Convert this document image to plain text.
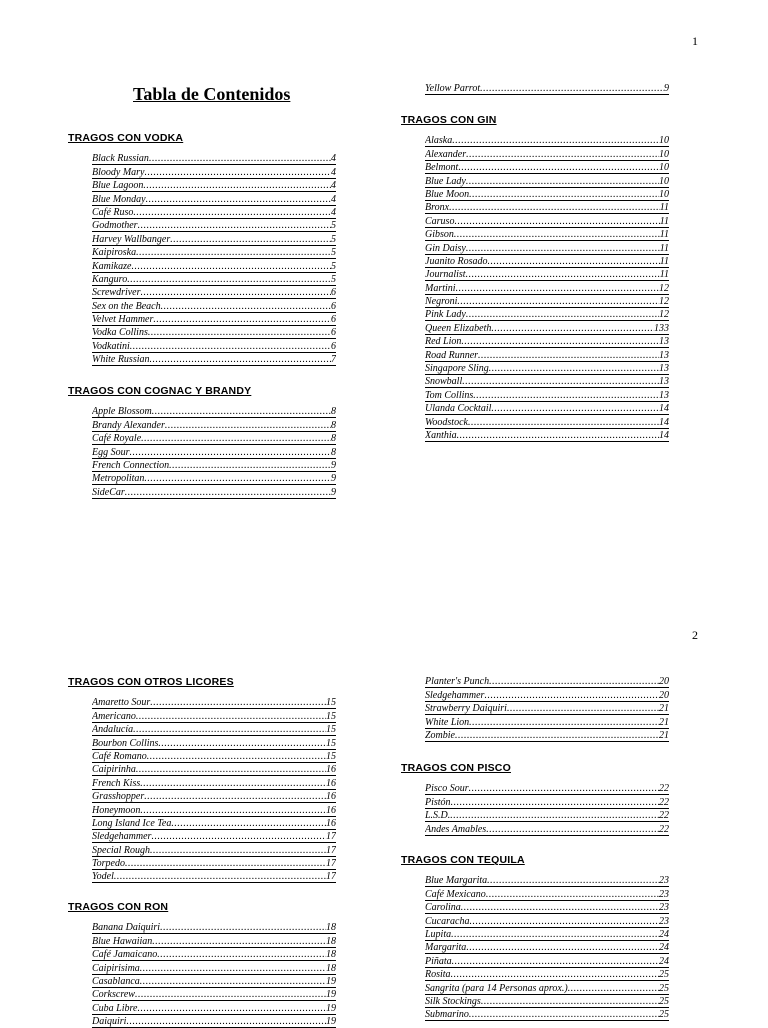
1
2
Tabla de Contenidos
TRAGOS CON VODKA
Black Russian .....	4
Bloody Mary .....	4
Blue Lagoon .....	4
Blue Monday .....	4
Café Ruso .....	4
Godmother .....	5
Harvey Wallbanger .....	5
Kaipiroska .....	5
Kamikaze .....	5
Kanguro .....	5
Screwdriver .....	6
Sex on the Beach .....	6
Velvet Hammer .....	6
Vodka Collins .....	6
Vodkatini .....	6
White Russian .....	7
TRAGOS CON COGNAC Y BRANDY
Apple Blossom .....	8
Brandy Alexander .....	8
Café Royale .....	8
Egg Sour .....	8
French Connection .....	9
Metropolitan .....	9
SideCar .....	9
Yellow Parrot .....	9
TRAGOS CON GIN
Alaska .....	10
Alexander .....	10
Belmont .....	10
Blue Lady .....	10
Blue Moon .....	10
Bronx .....	11
Caruso .....	11
Gibson .....	11
Gin Daisy .....	11
Juanito Rosado .....	11
Journalist .....	11
Martini .....	12
Negroni .....	12
Pink Lady .....	12
Queen Elizabeth .....	133
Red Lion .....	13
Road Runner .....	13
Singapore Sling .....	13
Snowball .....	13
Tom Collins .....	13
Ulanda Cocktail .....	14
Woodstock .....	14
Xanthia .....	14
TRAGOS CON OTROS LICORES
Amaretto Sour .....	15
Americano .....	15
Andalucía .....	15
Bourbon Collins .....	15
Café Romano .....	15
Caipirinha .....	16
French Kiss .....	16
Grasshopper .....	16
Honeymoon .....	16
Long Island Ice Tea .....	16
Sledgehammer .....	17
Special Rough .....	17
Torpedo .....	17
Yodel .....	17
TRAGOS CON RON
Banana Daiquiri .....	18
Blue Hawaiian .....	18
Café Jamaicano .....	18
Caipirisima .....	18
Casablanca .....	19
Corkscrew .....	19
Cuba Libre .....	19
Daiquiri .....	19
Planter's Punch .....	20
Sledgehammer .....	20
Strawberry Daiquiri .....	21
White Lion .....	21
Zombie .....	21
TRAGOS CON PISCO
Pisco Sour .....	22
Pistón .....	22
L.S.D. .....	22
Andes Amables .....	22
TRAGOS CON TEQUILA
Blue Margarita .....	23
Café Mexicano .....	23
Carolina .....	23
Cucaracha .....	23
Lupita .....	24
Margarita .....	24
Piñata .....	24
Rosita .....	25
Sangrita (para 14 Personas aprox.) .....	25
Silk Stockings .....	25
Submarino .....	25
